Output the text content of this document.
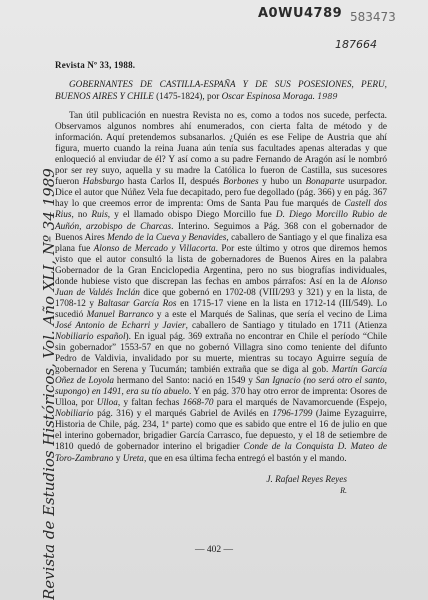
A0WU4789 583473
187664
Revista de Estudios Históricos, Vol. Año XLI, Nº 34 1989
Revista Nº 33, 1988.
GOBERNANTES DE CASTILLA-ESPAÑA Y DE SUS POSESIONES, PERU, BUENOS AIRES Y CHILE (1475-1824), por Oscar Espinosa Moraga. 1989

Tan útil publicación en nuestra Revista no es, como a todos nos sucede, perfecta. Observamos algunos nombres ahí enumerados, con cierta falta de método y de información. Aquí pretendemos subsanarlos. ¿Quién es ese Felipe de Austria que ahí figura, muerto cuando la reina Juana aún tenía sus facultades apenas alteradas y que enloqueció al enviudar de él? Y así como a su padre Fernando de Aragón así le nombró por ser rey suyo, aquella y su madre la Católica lo fueron de Castilla, sus sucesores fueron Habsburgo hasta Carlos II, después Borbones y hubo un Bonaparte usurpador. Dice el autor que Núñez Vela fue decapitado, pero fue degollado (pág. 366) y en pág. 367 hay lo que creemos error de imprenta: Oms de Santa Pau fue marqués de Castell dos Rius, no Ruis, y el llamado obispo Diego Morcillo fue D. Diego Morcillo Rubio de Auñón, arzobispo de Charcas. Interino. Seguimos a Pág. 368 con el gobernador de Buenos Aires Mendo de la Cueva y Benavides, caballero de Santiago y el que finaliza esa plana fue Alonso de Mercado y Villacorta. Por este último y otros que diremos hemos visto que el autor consultó la lista de gobernadores de Buenos Aires en la palabra Gobernador de la Gran Enciclopedia Argentina, pero no sus biografías individuales, donde hubiese visto que discrepan las fechas en ambos párrafos: Así en la de Alonso Juan de Valdés Inclán dice que gobernó en 1702-08 (VIII/293 y 321) y en la lista, de 1708-12 y Baltasar García Ros en 1715-17 viene en la lista en 1712-14 (III/549). Lo sucedió Manuel Barranco y a este el Marqués de Salinas, que sería el vecino de Lima José Antonio de Echarri y Javier, caballero de Santiago y titulado en 1711 (Atienza Nobiliario español). En igual pág. 369 extraña no encontrar en Chile el período “Chile sin gobernador” 1553-57 en que no gobernó Villagra sino como teniente del difunto Pedro de Valdivia, invalidado por su muerte, mientras su tocayo Aguirre seguía de gobernador en Serena y Tucumán; también extraña que se diga al gob. Martín García Oñez de Loyola hermano del Santo: nació en 1549 y San Ignacio (no será otro el santo, supongo) en 1491, era su tío abuelo. Y en pág. 370 hay otro error de imprenta: Osores de Ulloa, por Ulloa, y faltan fechas 1668-70 para el marqués de Navamorcuende (Espejo, Nobiliario pág. 316) y el marqués Gabriel de Avilés en 1796-1799 (Jaime Eyzaguirre, Historia de Chile, pág. 234, 1ª parte) como que es sabido que entre el 16 de julio en que el interino gobernador, brigadier García Carrasco, fue depuesto, y el 18 de setiembre de 1810 quedó de gobernador interino el brigadier Conde de la Conquista D. Mateo de Toro-Zambrano y Ureta, que en esa última fecha entregó el bastón y el mando.

J. Rafael Reyes Reyes
R.
— 402 —
